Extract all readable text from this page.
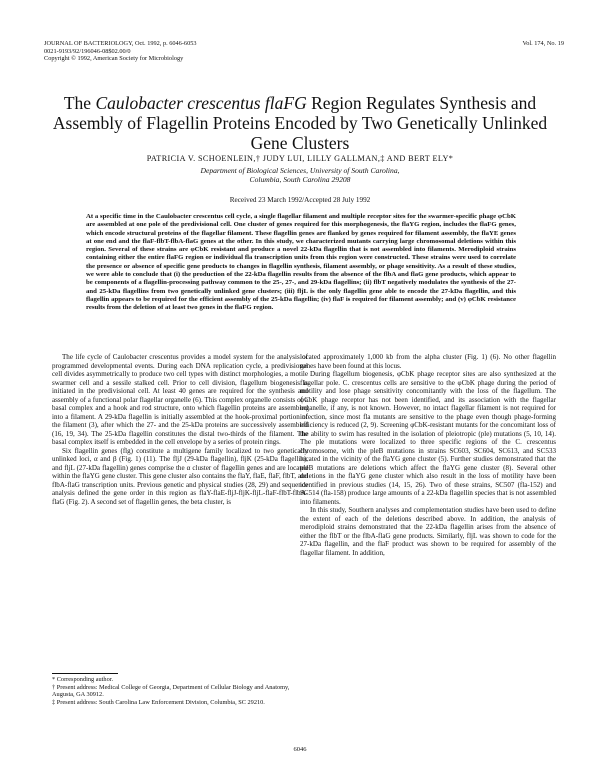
JOURNAL OF BACTERIOLOGY, Oct. 1992, p. 6046-6053
0021-9193/92/196046-08$02.00/0
Copyright © 1992, American Society for Microbiology
Vol. 174, No. 19
The Caulobacter crescentus flaFG Region Regulates Synthesis and Assembly of Flagellin Proteins Encoded by Two Genetically Unlinked Gene Clusters
PATRICIA V. SCHOENLEIN,† JUDY LUI, LILLY GALLMAN,‡ AND BERT ELY*
Department of Biological Sciences, University of South Carolina,
Columbia, South Carolina 29208
Received 23 March 1992/Accepted 28 July 1992
At a specific time in the Caulobacter crescentus cell cycle, a single flagellar filament and multiple receptor sites for the swarmer-specific phage φCbK are assembled at one pole of the predivisional cell. One cluster of genes required for this morphogenesis, the flaYG region, includes the flaFG genes, which encode structural proteins of the flagellar filament. These flagellin genes are flanked by genes required for filament assembly, the flaYE genes at one end and the flaF-flbT-flbA-flaG genes at the other. In this study, we characterized mutants carrying large chromosomal deletions within this region. Several of these strains are φCbK resistant and produce a novel 22-kDa flagellin that is not assembled into filaments. Merodiploid strains containing either the entire flaFG region or individual fla transcription units from this region were constructed. These strains were used to correlate the presence or absence of specific gene products to changes in flagellin synthesis, filament assembly, or phage sensitivity. As a result of these studies, we were able to conclude that (i) the production of the 22-kDa flagellin results from the absence of the flbA and flaG gene products, which appear to be components of a flagellin-processing pathway common to the 25-, 27-, and 29-kDa flagellins; (ii) flbT negatively modulates the synthesis of the 27- and 25-kDa flagellins from two genetically unlinked gene clusters; (iii) fljL is the only flagellin gene able to encode the 27-kDa flagellin, and this flagellin appears to be required for the efficient assembly of the 25-kDa flagellin; (iv) flaF is required for filament assembly; and (v) φCbK resistance results from the deletion of at least two genes in the flaFG region.

The life cycle of Caulobacter crescentus provides a model system for the analysis of programmed developmental events. During each DNA replication cycle, a predivisional cell divides asymmetrically to produce two cell types with distinct morphologies, a motile swarmer cell and a sessile stalked cell. Prior to cell division, flagellum biogenesis is initiated in the predivisional cell. At least 40 genes are required for the synthesis and assembly of a functional polar flagellar organelle (6). This complex organelle consists of a basal complex and a hook and rod structure, onto which flagellin proteins are assembled into a filament. A 29-kDa flagellin is initially assembled at the hook-proximal portion of the filament (3), after which the 27- and the 25-kDa proteins are successively assembled (16, 19, 34). The 25-kDa flagellin constitutes the distal two-thirds of the filament. The basal complex itself is embedded in the cell envelope by a series of protein rings.

Six flagellin genes (flg) constitute a multigene family localized to two genetically unlinked loci, α and β (Fig. 1) (11). The fljJ (29-kDa flagellin), fljK (25-kDa flagellin), and fljL (27-kDa flagellin) genes comprise the α cluster of flagellin genes and are located within the flaYG gene cluster. This gene cluster also contains the flaY, flaE, flaF, flbT, and flbA-flaG transcription units. Previous genetic and physical studies (28, 29) and sequence analysis defined the gene order in this region as flaY-flaE-fljJ-fljK-fljL-flaF-flbT-flbA-flaG (Fig. 2). A second set of flagellin genes, the beta cluster, is

located approximately 1,000 kb from the alpha cluster (Fig. 1) (6). No other flagellin genes have been found at this locus.

During flagellum biogenesis, φCbK phage receptor sites are also synthesized at the flagellar pole. C. crescentus cells are sensitive to the φCbK phage during the period of motility and lose phage sensitivity concomitantly with the loss of the flagellum. The φCbK phage receptor has not been identified, and its association with the flagellar organelle, if any, is not known. However, no intact flagellar filament is not required for infection, since most fla mutants are sensitive to the phage even though phage-forming efficiency is reduced (2, 9). Screening φCbK-resistant mutants for the concomitant loss of the ability to swim has resulted in the isolation of pleiotropic (ple) mutations (5, 10, 14). The ple mutations were localized to three specific regions of the C. crescentus chromosome, with the pleB mutations in strains SC603, SC604, SC613, and SC533 located in the vicinity of the flaYG gene cluster (5). Further studies demonstrated that the pleB mutations are deletions which affect the flaYG gene cluster (8). Several other deletions in the flaYG gene cluster which also result in the loss of motility have been identified in previous studies (14, 15, 26). Two of these strains, SC507 (fla-152) and SC514 (fla-158) produce large amounts of a 22-kDa flagellin species that is not assembled into filaments.

In this study, Southern analyses and complementation studies have been used to define the extent of each of the deletions described above. In addition, the analysis of merodiploid strains demonstrated that the 22-kDa flagellin arises from the absence of either the flbT or the flbA-flaG gene products. Similarly, fljL was shown to code for the 27-kDa flagellin, and the flaF product was shown to be required for assembly of the flagellar filament. In addition,

* Corresponding author.
† Present address: Medical College of Georgia, Department of Cellular Biology and Anatomy, Augusta, GA 30912.
‡ Present address: South Carolina Law Enforcement Division, Columbia, SC 29210.
6046
